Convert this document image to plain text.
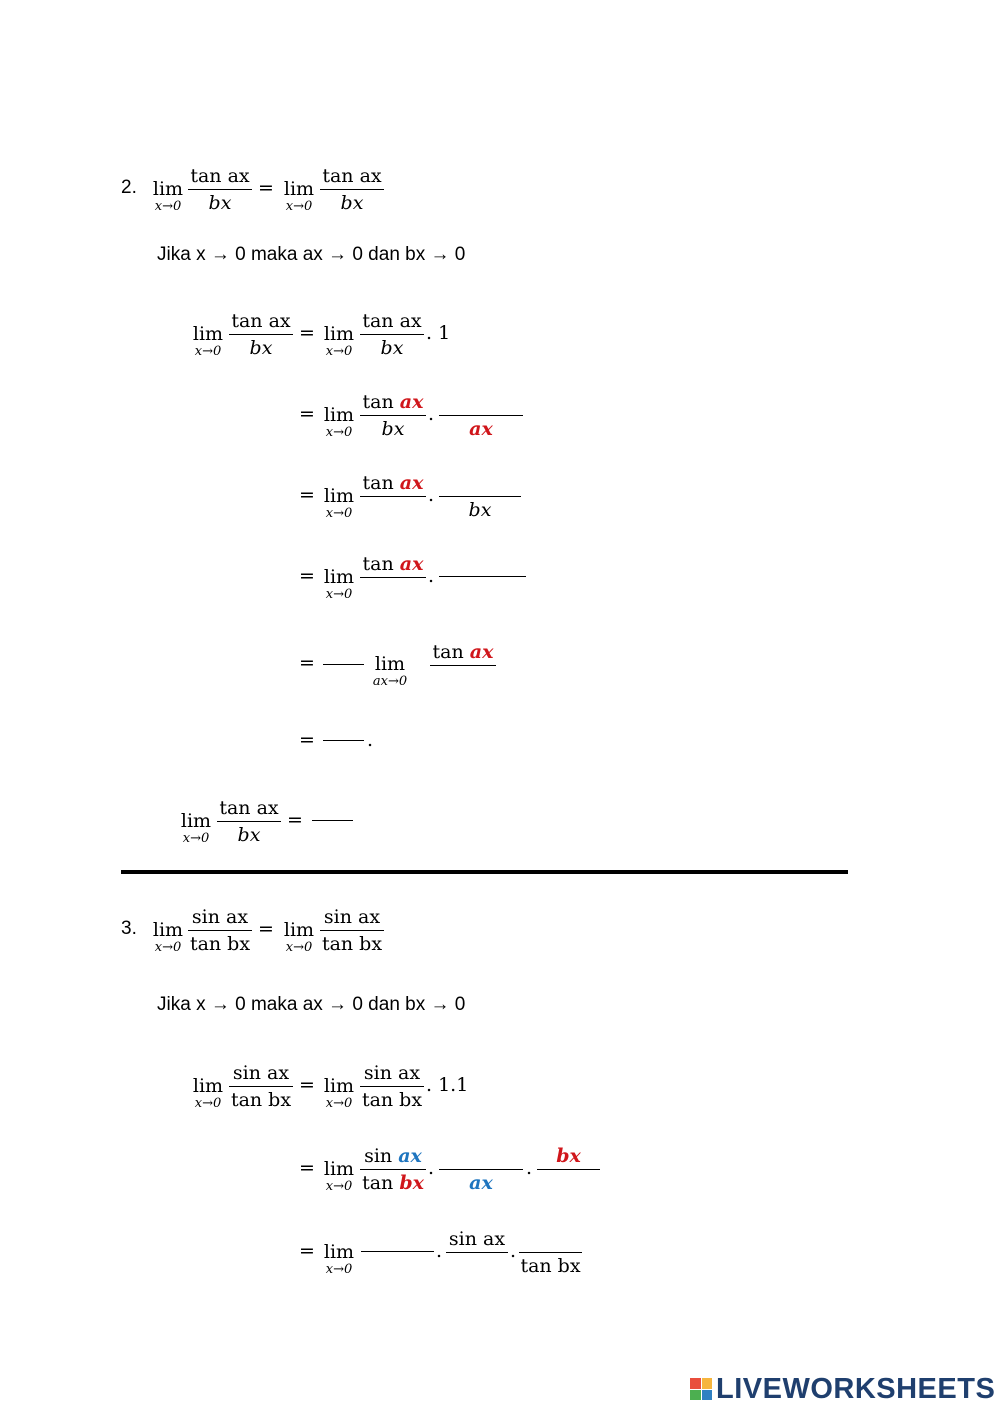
2. lim
x→0
tan ax
bx
= lim
x→0
tan ax
bx
Jika x → 0 maka ax → 0 dan bx → 0
lim
x→0
tan ax
bx
= lim
x→0
tan ax
bx
. 1
= lim
x→0
tan ax
bx
.
ax
= lim
x→0
tan ax
.
bx
= lim
x→0
tan ax
.
=	lim
ax→0
tan ax
=	.
lim
x→0
tan ax
bx
=
3. lim
x→0
sin ax
tan bx
= lim
x→0
sin ax
tan bx
Jika x → 0 maka ax → 0 dan bx → 0
lim
x→0
sin ax
tan bx
= lim
x→0
sin ax
tan bx
. 1.1
= lim
x→0
sin ax
tan bx
.
ax
.
bx
= lim
x→0
.
sin ax
.
tan bx
LIVEWORKSHEETS
